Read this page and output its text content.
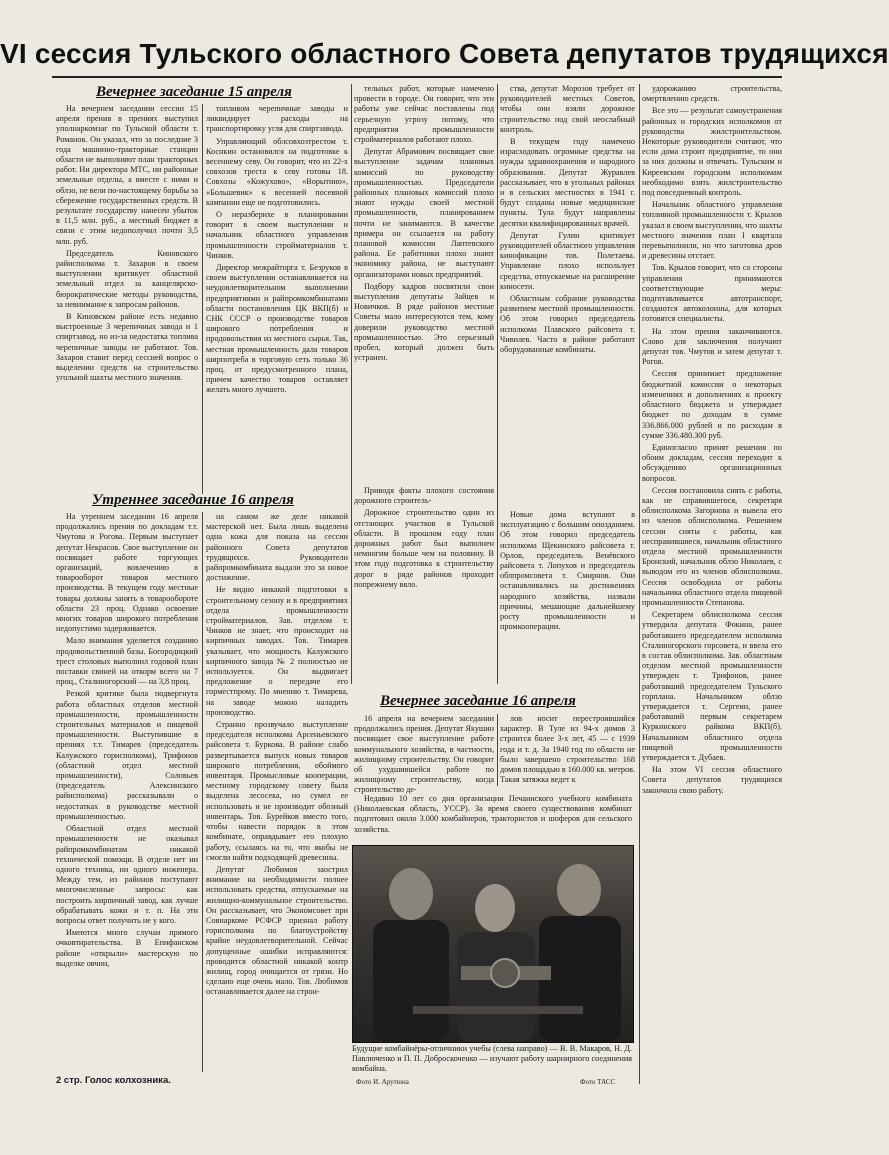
VI сессия Тульского областного Совета депутатов трудящихся
Вечернее заседание 15 апреля

На вечернем заседании сессии 15 апреля прения в прениях выступил уполнаркомзаг по Тульской области т. Романов. Он указал, что за последние 3 года машинно-тракторные станции области не выполняют план тракторных работ. Ни директора МТС, ни районные земельные отделы, а вместе с ними и облзо, не вели по-настоящему борьбы за сбережение государственных средств. В результате государству нанесен убыток в 11,5 млн. руб., а местный бюджет в связи с этим недополучил почти 3,5 млн. руб.

Председатель Киновского райисполкома т. Захаров в своем выступлении критикует областной земельный отдел за канцелярско-бюрократические методы руководства, за невнимание к запросам районов.

В Киновском районе есть недавно выстроенные 3 черепичных завода и 1 спиртзавод, но из-за недостатка топлива черепичные заводы не работают. Тов. Захаров ставит перед сессией вопрос о выделении средств на строительство угольной шахты местного значения.

топливом черепичные заводы и ликвидирует расходы на транспортировку угля для спиртзавода.

Управляющий облсовхозтрестом т. Коснкин остановился на подготовке к весеннему севу. Он говорит, что из 22-х совхозов треста к севу готовы 18. Совхозы «Кожухово», «Ворытино», «Большевик» к весенней посевной кампании еще не подготовились.

О неразберихе в планировании говорит в своем выступлении и начальник областного управления промышленности стройматериалов т. Чинков.

Директор межрайторга т. Безруков в своем выступлении останавливается на неудовлетворительном выполнении предприятиями и райпромкомбинатами области постановления ЦК ВКП(б) и СНК СССР о производстве товаров широкого потребления и продовольствия из местного сырья. Так, местная промышленность дала товаров ширпотреба в торговую сеть только 36 проц. от предусмотренного плана, причем качество товаров оставляет желать много лучшего.

тельных работ, которые намечено провести в городе. Он говорит, что эти работы уже сейчас поставлены под серьезную угрозу потому, что предприятия промышленности стройматериалов работают плохо.

Депутат Абрамович посвящает свое выступление задачам плановых комиссий по руководству промышленностью. Председатели районных плановых комиссий плохо знают нужды своей местной промышленности, планированием почти не занимаются. В качестве примера он ссылается на работу плановой комиссии Лаптевского района. Ее работники плохо знают экономику района, не выступают организаторами новых предприятий.

Подбору кадров посвятили свои выступления депутаты Зайцев и Новичков. В ряде районов местные Советы мало интересуются тем, кому доверили руководство местной промышленностью. Это серьезный пробел, который должен быть устранен.

ства, депутат Морозов требует от руководителей местных Советов, чтобы они взяли дорожное строительство под свой неослабный контроль.

В текущем году намечено израсходовать огромные средства на нужды здравоохранения и народного образования. Депутат Журавлев рассказывает, что в угольных районах и в сельских местностях в 1941 г. будут созданы новые медицинские пункты. Тула будут направлены десятки квалифицированных врачей.

Депутат Гулин критикует руководителей областного управления кинофикации тов. Полетаева. Управление плохо использует средства, отпускаемые на расширение киносети.

Областным собрание руководства развитием местной промышленности. Об этом говорил председатель исполкома Плавского райсовета т. Чивилев. Часто в районе работают оборудованные комбинаты.

удорожанию строительства, омертвлению средств.

Все это — результат самоустранения районных и городских исполкомов от руководства жилстроительством. Некоторые руководители считают, что если дома строит предприятие, то они за них должны и отвечать. Тульским и Киреевским городским исполкомам необходимо взять жилстроительство под повседневный контроль.

Начальник областного управления топливной промышленности т. Крылов указал в своем выступлении, что шахты местного значения план I квартала перевыполнили, но что заготовка дров и древесины отстает.

Тов. Крылов говорит, что со стороны управления принимаются соответствующие меры: подготавливается автотранспорт, создаются автоколонны, для которых готовятся специалисты.

На этом прения заканчиваются. Слово для заключения получают депутат тов. Чмутов и затем депутат т. Рогов.

Сессия принимает предложение бюджетной комиссии о некоторых изменениях и дополнениях к проекту областного бюджета и утверждает бюджет по доходам в сумме 336.866.000 рублей и по расходам в сумме 336.480.300 руб.

Единогласно принят решения по обоим докладам, сессия переходит к обсуждению организационных вопросов.

Сессия постановила снять с работы, как не справившегося, секретаря облисполкома Загорнова и вывела его из членов облисполкома. Решением сессии сняты с работы, как несправившиеся, начальник областного отдела местной промышленности Бронский, начальник облзо Николаев, с выводом его из членов облисполкома. Сессия освободила от работы начальника областного отдела пищевой промышленности Степанова.

Секретарем облисполкома сессия утвердила депутата Фокина, ранее работавшего председателем исполкома Сталиногорского горсовета, и ввела его в состав облисполкома. Зав. областным отделом местной промышленности утвержден т. Трифонов, ранее работавший председателем Тульского горплана. Начальником облзо утверждается т. Сергеин, ранее работавший первым секретарем Куркинского райкома ВКП(б). Начальником областного отдела пищевой промышленности утверждается т. Дубаев.

На этом VI сессия областного Совета депутатов трудящихся закончила свою работу.

Утреннее заседание 16 апреля

На утреннем заседании 16 апреля продолжались прения по докладам т.т. Чмутова и Рогова. Первым выступает депутат Некрасов. Свое выступление он посвящает работе торгующих организаций, вовлечению в товарооборот товаров местного производства. В текущем году местные товары должны занять в товарообороте области 23 проц. Однако освоение многих товаров широкого потребления недопустимо задерживается.

Мало внимания уделяется созданию продовольственной базы. Богородицкий трест столовых выполнил годовой план поставки свиней на откорм всего на 7 проц., Сталиногорский — на 3,8 проц.

Резкой критике была подвергнута работа областных отделов местной промышленности, промышленности строительных материалов и пищевой промышленности. Выступившие в прениях т.т. Тимарев (председатель Калужского горисполкома), Трифонов (областной отдел местной промышленности), Соловьев (председатель Алексинского райисполкома) рассказывали о недостатках в руководстве местной промышленностью.

Областной отдел местной промышленности не оказывал райпромкомбинатам никакой технической помощи. В отделе нет ни одного техника, ни одного инженера. Между тем, из районов поступают многочисленные запросы: как построить кирпичный завод, как лучше обрабатывать кожи и т. п. На эти вопросы ответ получить не у кого.

Имеются много случаи прямого очковтирательства. В Епифанском районе «открыли» мастерскую по выделке овчин,

на самом же деле никакой мастерской нет. Была лишь выделена одна кожа для показа на сессии районного Совета депутатов трудящихся. Руководители райпромкомбината выдали это за новое достижение.

Не видно никакой подготовки к строительному сезону и в предприятиях отдела промышленности стройматериалов. Зав. отделом т. Чинков не знает, что происходит на кирпичных заводах. Тов. Тимарев указывает, что мощность Калужского кирпичного завода № 2 полностью не используется. Он выдвигает предложение о передаче его горместпрому. По мнению т. Тимарева, на заводе можно наладить производство.

Странно прозвучало выступление председателя исполкома Арсеньевского райсовета т. Буркова. В районе слабо развертывается выпуск новых товаров широкого потребления, обоймого инвентаря. Промысловые кооперации, местному городскому совету была выделена лесосека, но сумел ее использовать и не производит обозный инвентарь. Тов. Бурейков вместо того, чтобы навести порядок в этом комбинате, оправдывает его плохую работу, ссылаясь на то, что якобы не смогли найти подходящей древесины.

Депутат Любимов заострил внимание на необходимости полнее использовать средства, отпускаемые на жилищно-коммунальное строительство. Он рассказывает, что Экономсовет при Совнаркоме РСФСР признал работу горисполкома по благоустройству крайне неудовлетворительной. Сейчас допущенные ошибки исправляются: проводится областной никакой контр жилищ, город очищается от грязи. Но сделано еще очень мало. Тов. Любимов останавливается далее на строи-

Приводя факты плохого состояния дорожного строитель-

Дорожное строительство один из отстающих участков в Тульской области. В прошлом году план дорожных работ был выполнен немногим больше чем на половину. В этом году подготовка к строительству дорог в ряде районов проходит попрежнему вяло.

Новые дома вступают в эксплуатацию с большим опозданием. Об этом говорил председатель исполкома Щекинского райсовета т. Орлов, председатель Венёвского райсовета т. Лопухов и председатель облпромсовета т. Смирнов. Они останавливались на достижениях народного хозяйства, назвали причины, мешающие дальнейшему росту промышленности и промкооперации.

Вечернее заседание 16 апреля

16 апреля на вечернем заседании продолжались прения. Депутат Якушин посвящает свое выступление работе коммунального хозяйства, в частности, жилищному строительству. Он говорит об ухудшившейся работе по жилищному строительству, когда строительство де-

лов носит перестроившийся характер. В Туле из 94-х домов 3 строится более 3-х лет, 45 — с 1939 года и т. д. За 1940 год по области не было завершено строительство 168 домов площадью в 160.000 кв. метров. Такая затяжка ведет к

Недавно 10 лет со дня организации Печаинского учебного комбината (Николаевская область, УССР). За время своего существования комбинат подготовил около 3.000 комбайнеров, трактористов и шоферов для сельского хозяйства.

Фото И. Арутюна	Фото ТАСС
Будущие комбайнёры-отличники учебы (слева направо) — В. В. Макаров, Н. Д. Павлюченко и П. П. Доброскоченко — изучают работу шарнирного соединения комбайна.
2 стр. Голос колхозника.
